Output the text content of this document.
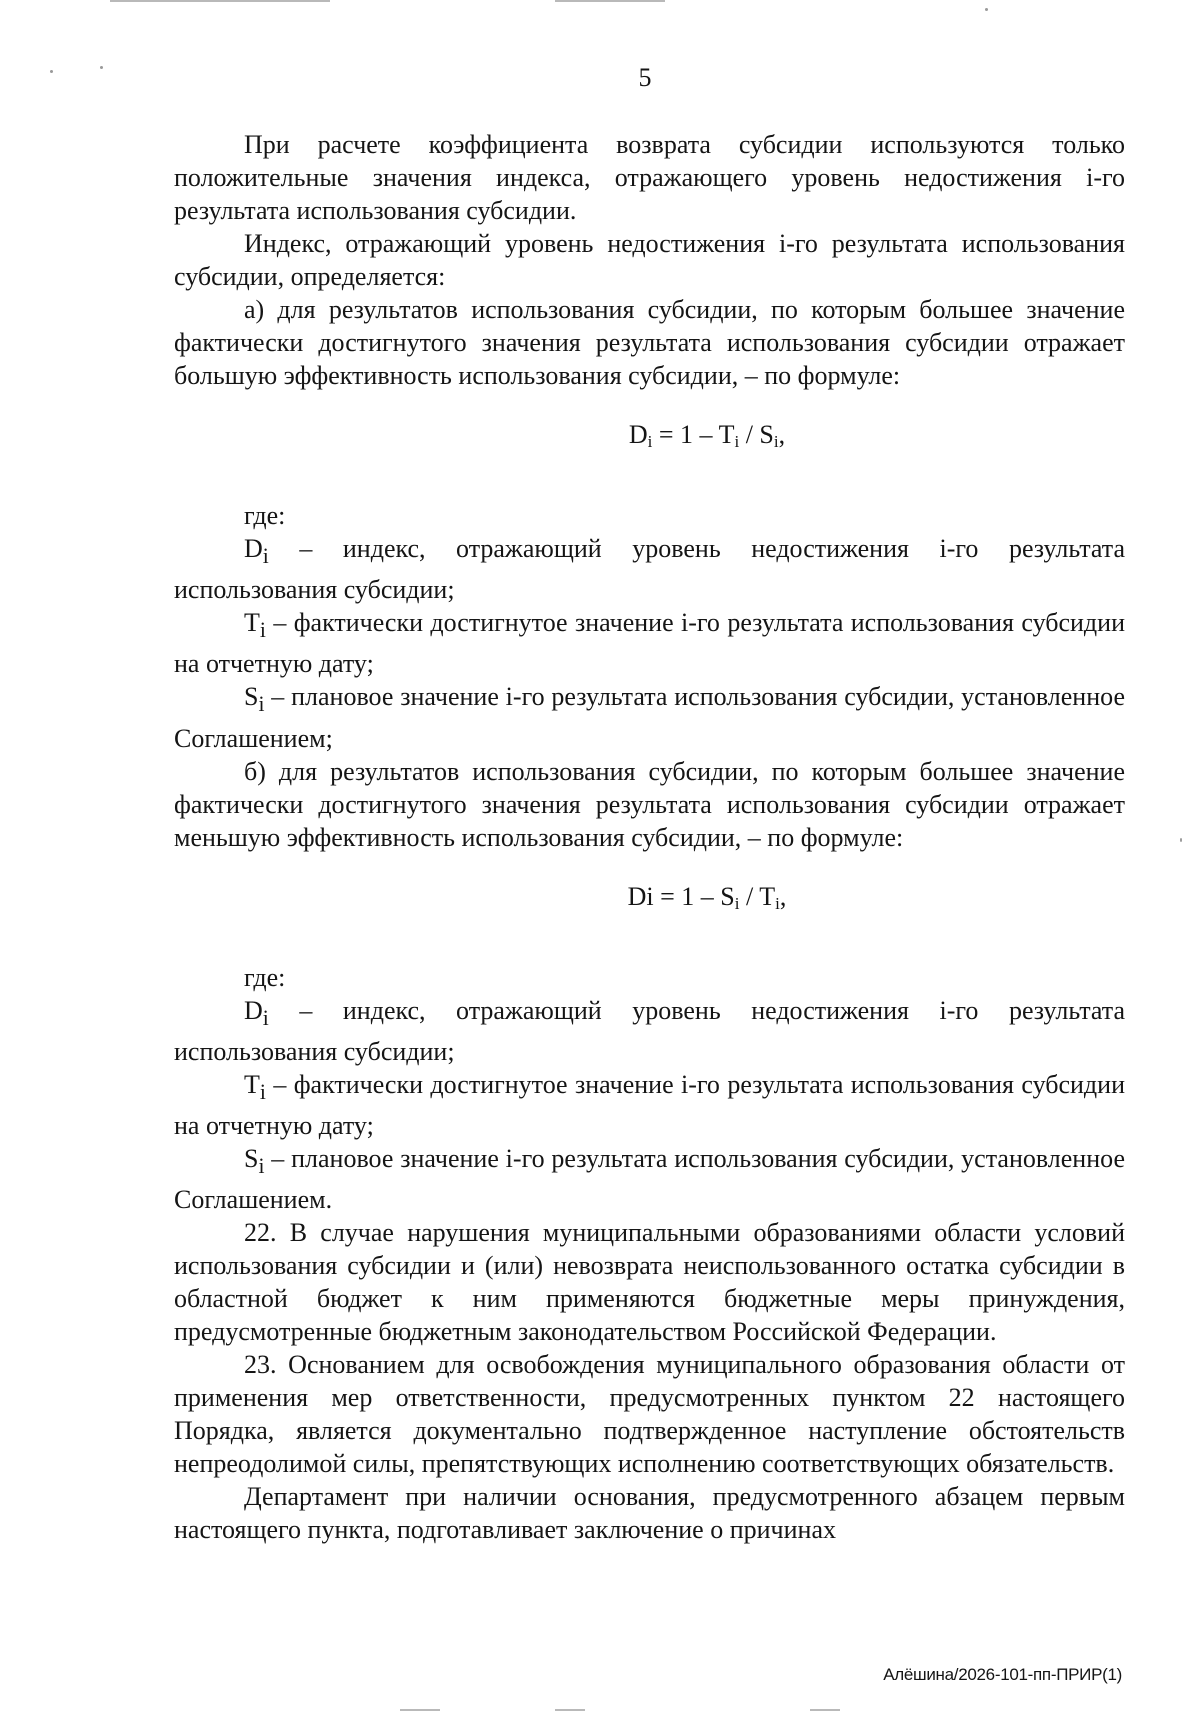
5

При расчете коэффициента возврата субсидии используются только положительные значения индекса, отражающего уровень недостижения i-го результата использования субсидии.

Индекс, отражающий уровень недостижения i-го результата использования субсидии, определяется:

а) для результатов использования субсидии, по которым большее значение фактически достигнутого значения результата использования субсидии отражает большую эффективность использования субсидии, – по формуле:

$D_i = 1 - T_i / S_i$,

где:

$D_i$ – индекс, отражающий уровень недостижения i-го результата использования субсидии;

$T_i$ – фактически достигнутое значение i-го результата использования субсидии на отчетную дату;

$S_i$ – плановое значение i-го результата использования субсидии, установленное Соглашением;

б) для результатов использования субсидии, по которым большее значение фактически достигнутого значения результата использования субсидии отражает меньшую эффективность использования субсидии, – по формуле:

$Di = 1 - S_i / T_i$,

где:

$D_i$ – индекс, отражающий уровень недостижения i-го результата использования субсидии;

$T_i$ – фактически достигнутое значение i-го результата использования субсидии на отчетную дату;

$S_i$ – плановое значение i-го результата использования субсидии, установленное Соглашением.

22. В случае нарушения муниципальными образованиями области условий использования субсидии и (или) невозврата неиспользованного остатка субсидии в областной бюджет к ним применяются бюджетные меры принуждения, предусмотренные бюджетным законодательством Российской Федерации.

23. Основанием для освобождения муниципального образования области от применения мер ответственности, предусмотренных пунктом 22 настоящего Порядка, является документально подтвержденное наступление обстоятельств непреодолимой силы, препятствующих исполнению соответствующих обязательств.

Департамент при наличии основания, предусмотренного абзацем первым настоящего пункта, подготавливает заключение о причинах

Алёшина/2026-101-пп-ПРИР(1)
